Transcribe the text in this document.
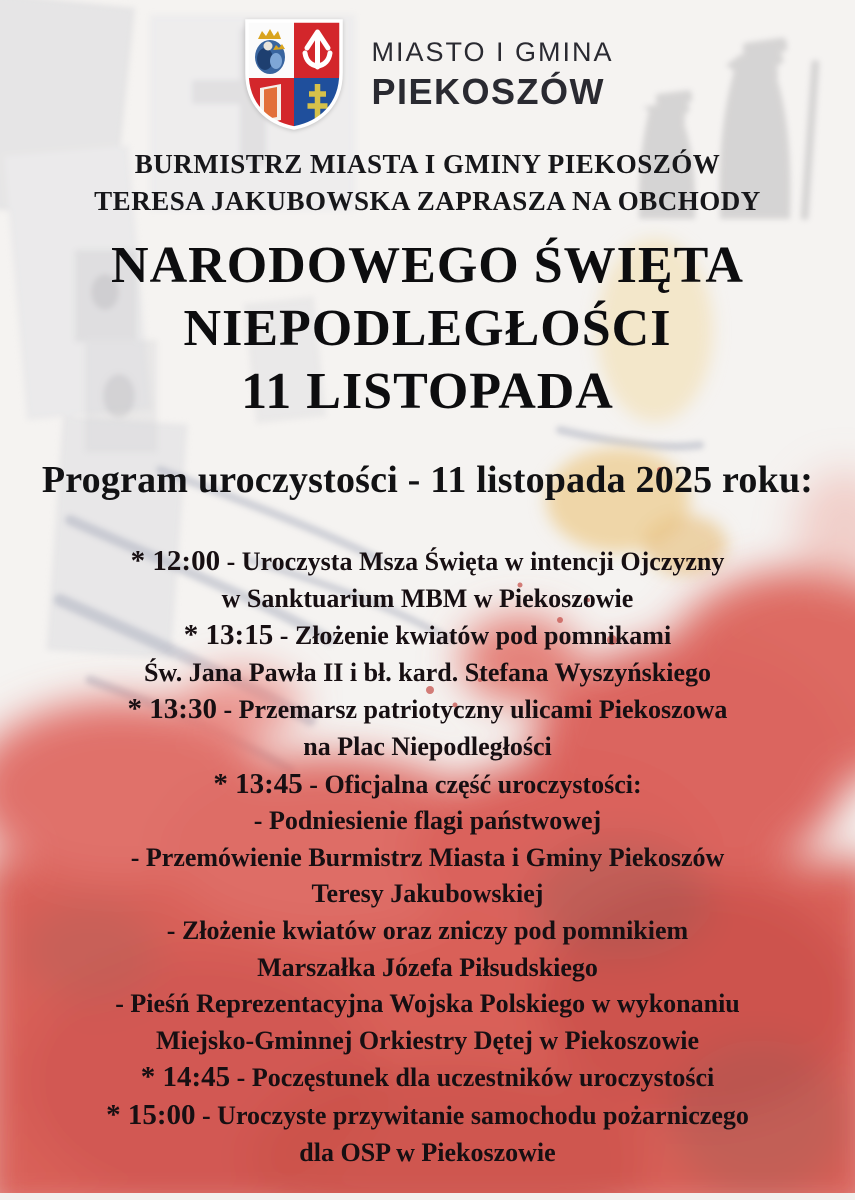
MIASTO I GMINA
PIEKOSZÓW
BURMISTRZ MIASTA I GMINY PIEKOSZÓW
TERESA JAKUBOWSKA ZAPRASZA NA OBCHODY
NARODOWEGO ŚWIĘTA
NIEPODLEGŁOŚCI
11 LISTOPADA
Program uroczystości - 11 listopada 2025 roku:
* 12:00 - Uroczysta Msza Święta w intencji Ojczyzny
w Sanktuarium MBM w Piekoszowie
* 13:15 - Złożenie kwiatów pod pomnikami
Św. Jana Pawła II i bł. kard. Stefana Wyszyńskiego
* 13:30 - Przemarsz patriotyczny ulicami Piekoszowa
na Plac Niepodległości
* 13:45 - Oficjalna część uroczystości:
- Podniesienie flagi państwowej
- Przemówienie Burmistrz Miasta i Gminy Piekoszów
Teresy Jakubowskiej
- Złożenie kwiatów oraz zniczy pod pomnikiem
Marszałka Józefa Piłsudskiego
- Pieśń Reprezentacyjna Wojska Polskiego w wykonaniu
Miejsko-Gminnej Orkiestry Dętej w Piekoszowie
* 14:45 - Poczęstunek dla uczestników uroczystości
* 15:00 - Uroczyste przywitanie samochodu pożarniczego
dla OSP w Piekoszowie
